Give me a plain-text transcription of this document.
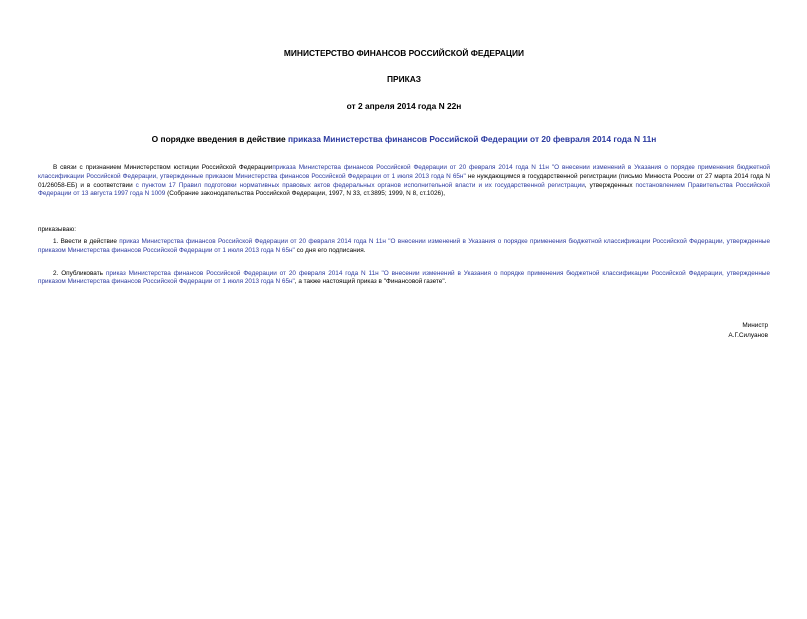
МИНИСТЕРСТВО ФИНАНСОВ РОССИЙСКОЙ ФЕДЕРАЦИИ
ПРИКАЗ
от 2 апреля 2014 года N 22н
О порядке введения в действие приказа Министерства финансов Российской Федерации от 20 февраля 2014 года N 11н

В связи с признанием Министерством юстиции Российской Федерацииприказа Министерства финансов Российской Федерации от 20 февраля 2014 года N 11н "О внесении изменений в Указания о порядке применения бюджетной классификации Российской Федерации, утвержденные приказом Министерства финансов Российской Федерации от 1 июля 2013 года N 65н" не нуждающимся в государственной регистрации (письмо Минюста России от 27 марта 2014 года N 01/26058-ЕБ) и в соответствии с пунктом 17 Правил подготовки нормативных правовых актов федеральных органов исполнительной власти и их государственной регистрации, утвержденных постановлением Правительства Российской Федерации от 13 августа 1997 года N 1009 (Собрание законодательства Российской Федерации, 1997, N 33, ст.3895; 1999, N 8, ст.1026),

приказываю:

1. Ввести в действие приказ Министерства финансов Российской Федерации от 20 февраля 2014 года N 11н "О внесении изменений в Указания о порядке применения бюджетной классификации Российской Федерации, утвержденные приказом Министерства финансов Российской Федерации от 1 июля 2013 года N 65н" со дня его подписания.

2. Опубликовать приказ Министерства финансов Российской Федерации от 20 февраля 2014 года N 11н "О внесении изменений в Указания о порядке применения бюджетной классификации Российской Федерации, утвержденные приказом Министерства финансов Российской Федерации от 1 июля 2013 года N 65н", а также настоящий приказ в "Финансовой газете".

Министр
А.Г.Силуанов
